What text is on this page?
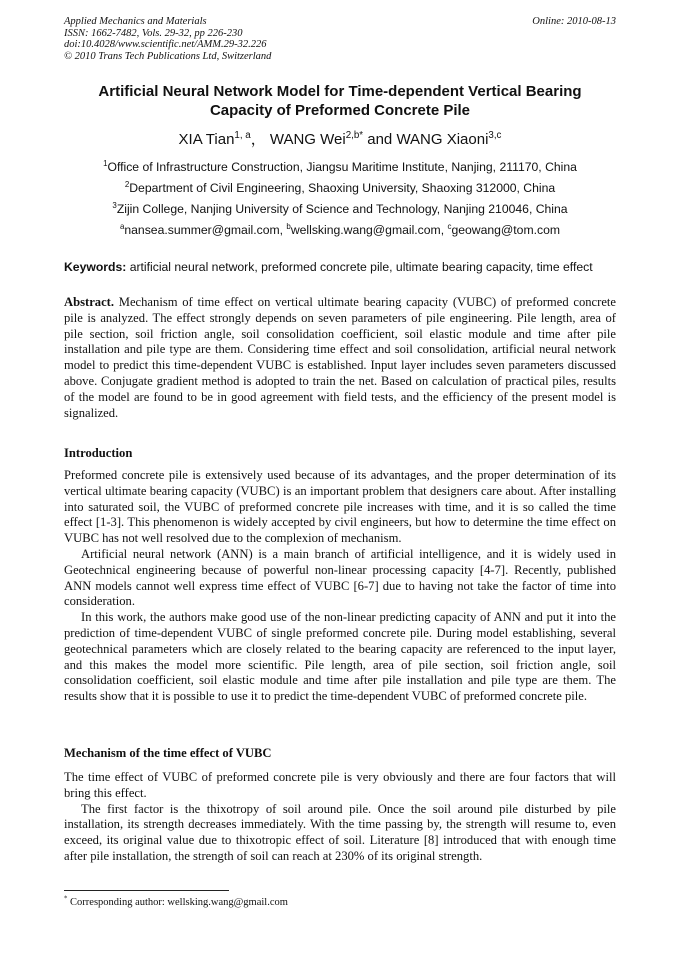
Applied Mechanics and Materials
ISSN: 1662-7482, Vols. 29-32, pp 226-230
doi:10.4028/www.scientific.net/AMM.29-32.226
© 2010 Trans Tech Publications Ltd, Switzerland
Online: 2010-08-13
Artificial Neural Network Model for Time-dependent Vertical Bearing
Capacity of Preformed Concrete Pile
XIA Tian$^{1, a}$， WANG Wei$^{2,b*}$ and WANG Xiaoni$^{3,c}$
$^1$Office of Infrastructure Construction, Jiangsu Maritime Institute, Nanjing, 211170, China
$^2$Department of Civil Engineering, Shaoxing University, Shaoxing 312000, China
$^3$Zijin College, Nanjing University of Science and Technology, Nanjing 210046, China
$^a$nansea.summer@gmail.com, $^b$wellsking.wang@gmail.com, $^c$geowang@tom.com
Keywords: artificial neural network, preformed concrete pile, ultimate bearing capacity, time effect
Abstract. Mechanism of time effect on vertical ultimate bearing capacity (VUBC) of preformed concrete pile is analyzed. The effect strongly depends on seven parameters of pile engineering. Pile length, area of pile section, soil friction angle, soil consolidation coefficient, soil elastic module and time after pile installation and pile type are them. Considering time effect and soil consolidation, artificial neural network model to predict this time-dependent VUBC is established. Input layer includes seven parameters discussed above. Conjugate gradient method is adopted to train the net. Based on calculation of practical piles, results of the model are found to be in good agreement with field tests, and the efficiency of the present model is signalized.
Introduction

Preformed concrete pile is extensively used because of its advantages, and the proper determination of its vertical ultimate bearing capacity (VUBC) is an important problem that designers care about. After installing into saturated soil, the VUBC of preformed concrete pile increases with time, and it is so called the time effect [1-3]. This phenomenon is widely accepted by civil engineers, but how to determine the time effect on VUBC has not well resolved due to the complexion of mechanism.

Artificial neural network (ANN) is a main branch of artificial intelligence, and it is widely used in Geotechnical engineering because of powerful non-linear processing capacity [4-7]. Recently, published ANN models cannot well express time effect of VUBC [6-7] due to having not take the factor of time into consideration.

In this work, the authors make good use of the non-linear predicting capacity of ANN and put it into the prediction of time-dependent VUBC of single preformed concrete pile. During model establishing, several geotechnical parameters which are closely related to the bearing capacity are referenced to the input layer, and this makes the model more scientific. Pile length, area of pile section, soil friction angle, soil consolidation coefficient, soil elastic module and time after pile installation and pile type are them. The results show that it is possible to use it to predict the time-dependent VUBC of preformed concrete pile.

Mechanism of the time effect of VUBC

The time effect of VUBC of preformed concrete pile is very obviously and there are four factors that will bring this effect.

The first factor is the thixotropy of soil around pile. Once the soil around pile disturbed by pile installation, its strength decreases immediately. With the time passing by, the strength will resume to, even exceed, its original value due to thixotropic effect of soil. Literature [8] introduced that with enough time after pile installation, the strength of soil can reach at 230% of its original strength.

* Corresponding author: wellsking.wang@gmail.com
